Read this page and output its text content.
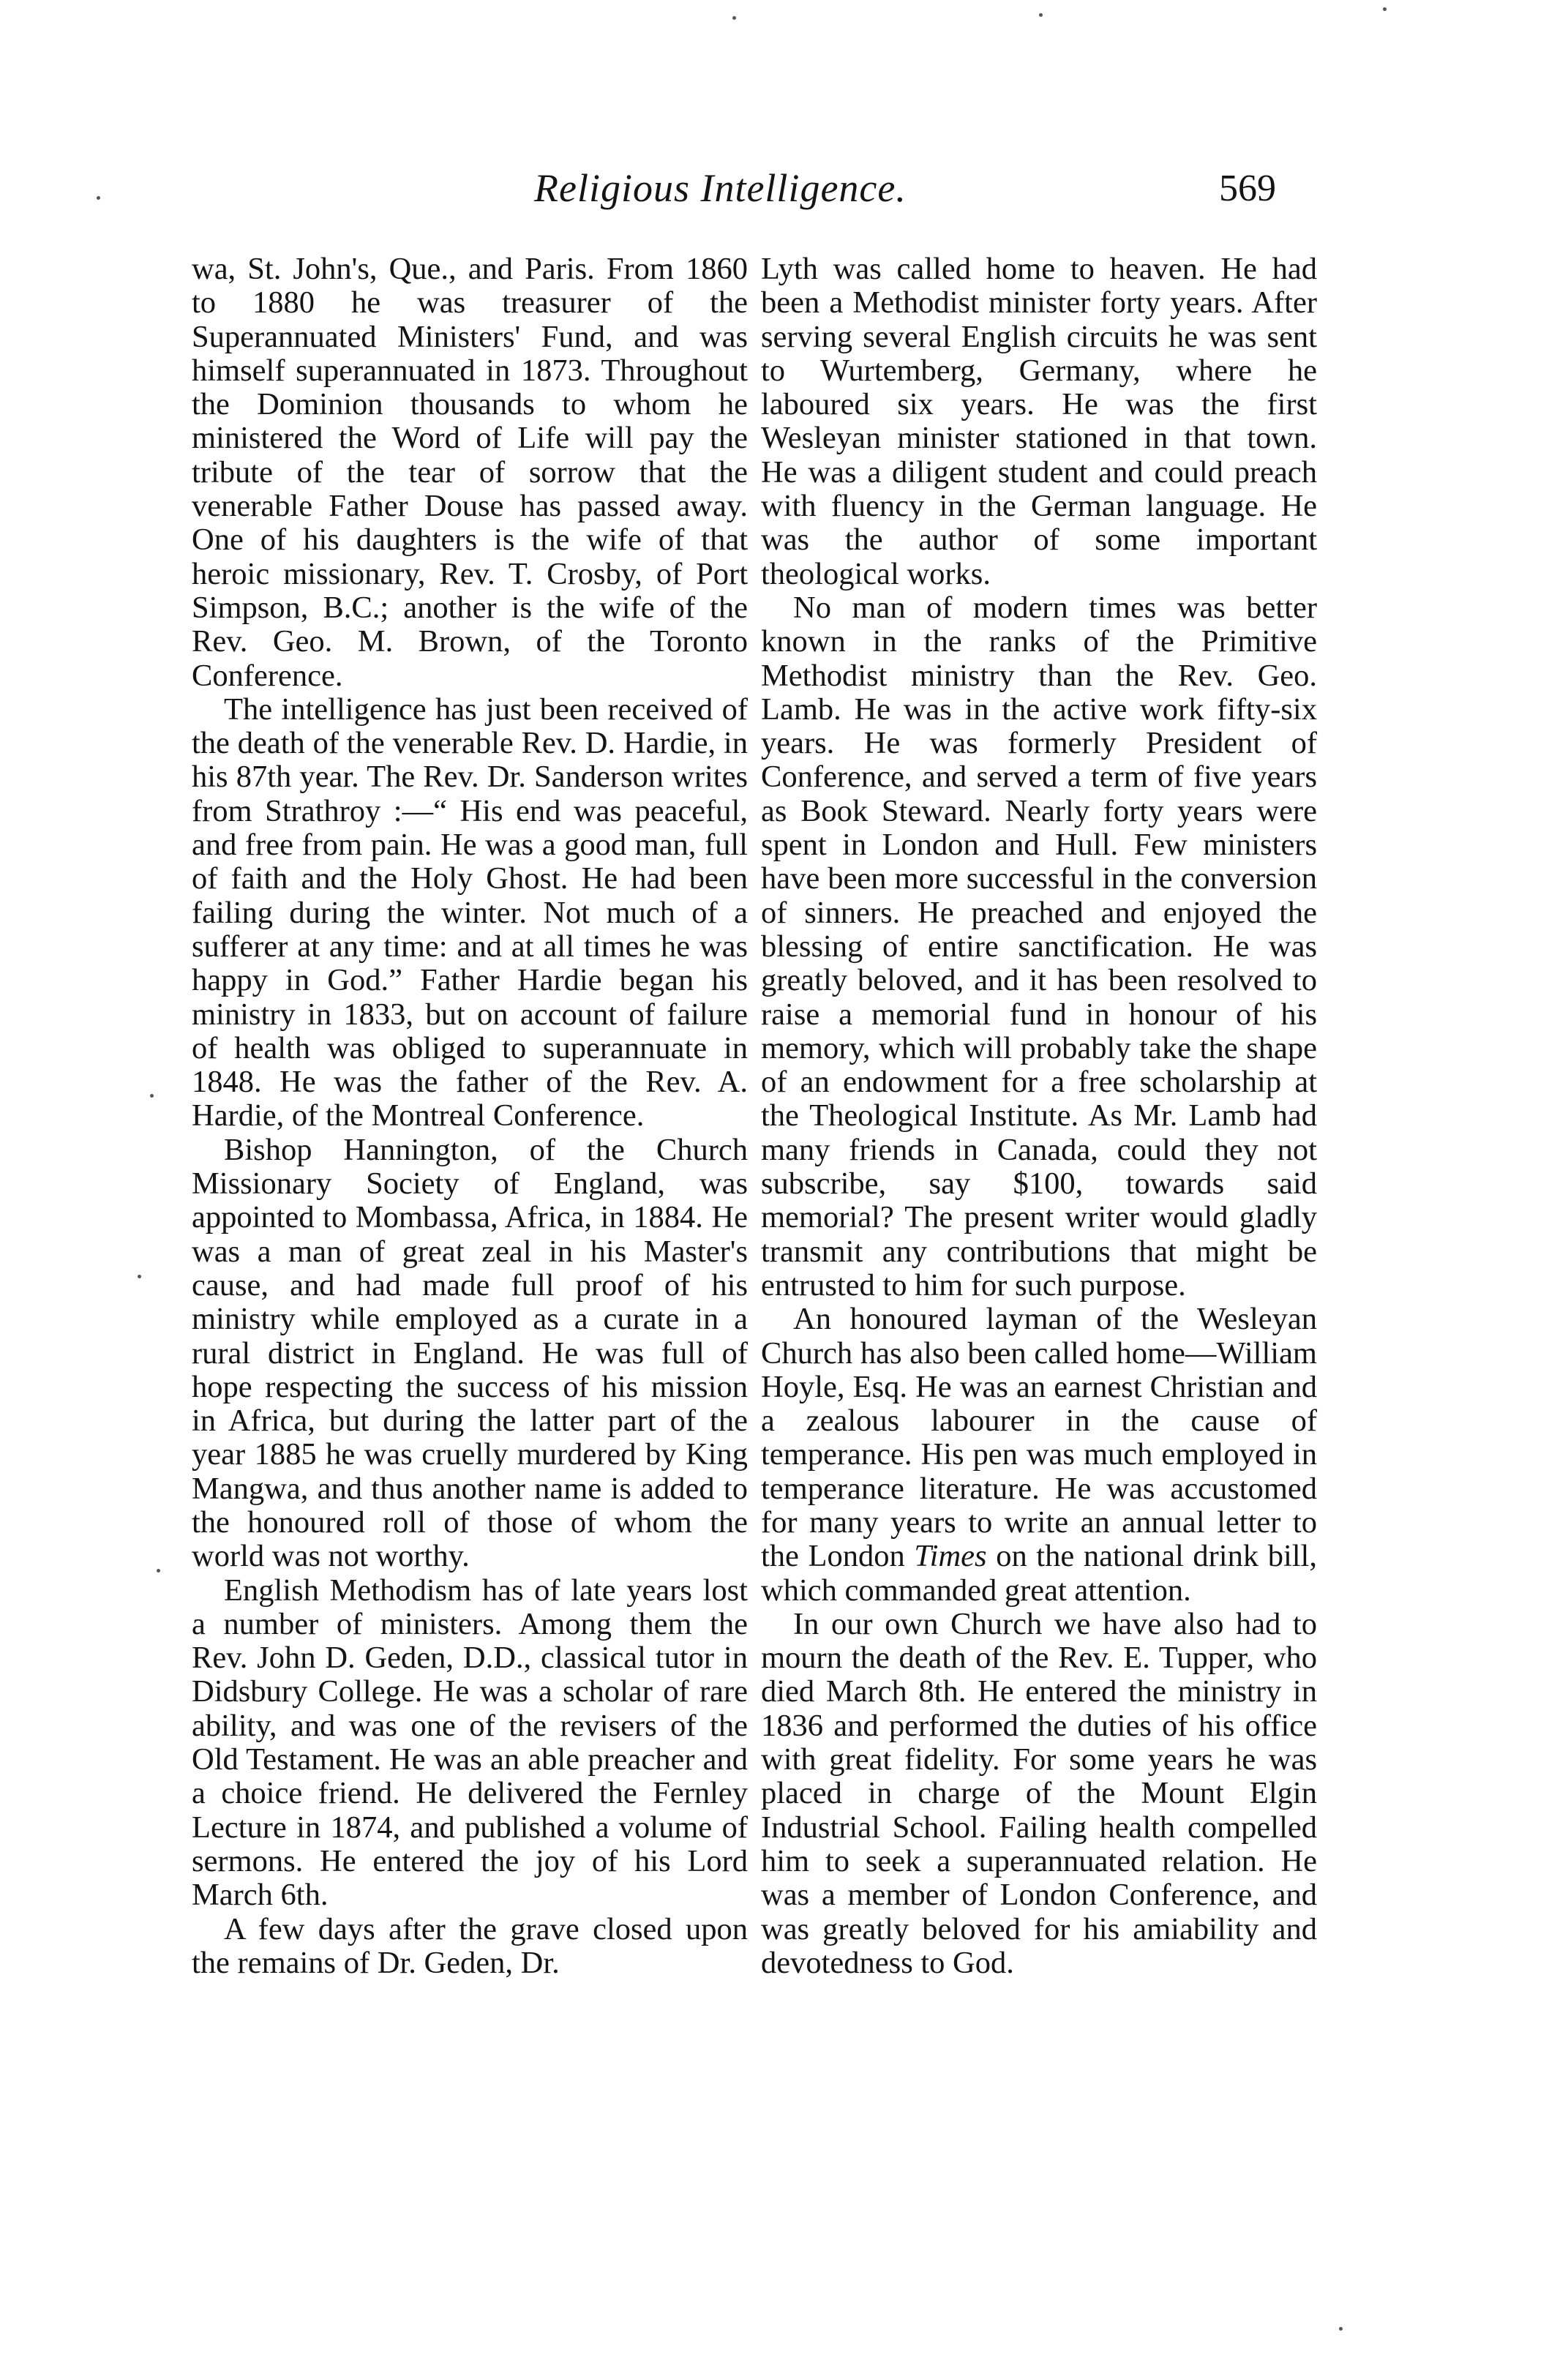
Religious Intelligence.	569

wa, St. John's, Que., and Paris. From 1860 to 1880 he was treasurer of the Superannuated Ministers' Fund, and was himself superannuated in 1873. Throughout the Dominion thousands to whom he ministered the Word of Life will pay the tribute of the tear of sorrow that the venerable Father Douse has passed away. One of his daughters is the wife of that heroic missionary, Rev. T. Crosby, of Port Simpson, B.C.; another is the wife of the Rev. Geo. M. Brown, of the Toronto Conference.

The intelligence has just been received of the death of the venerable Rev. D. Hardie, in his 87th year. The Rev. Dr. Sanderson writes from Strathroy :—“ His end was peaceful, and free from pain. He was a good man, full of faith and the Holy Ghost. He had been failing during the winter. Not much of a sufferer at any time: and at all times he was happy in God.” Father Hardie began his ministry in 1833, but on account of failure of health was obliged to superannuate in 1848. He was the father of the Rev. A. Hardie, of the Montreal Conference.

Bishop Hannington, of the Church Missionary Society of England, was appointed to Mombassa, Africa, in 1884. He was a man of great zeal in his Master's cause, and had made full proof of his ministry while employed as a curate in a rural district in England. He was full of hope respecting the success of his mission in Africa, but during the latter part of the year 1885 he was cruelly murdered by King Mangwa, and thus another name is added to the honoured roll of those of whom the world was not worthy.

English Methodism has of late years lost a number of ministers. Among them the Rev. John D. Geden, D.D., classical tutor in Didsbury College. He was a scholar of rare ability, and was one of the revisers of the Old Testament. He was an able preacher and a choice friend. He delivered the Fernley Lecture in 1874, and published a volume of sermons. He entered the joy of his Lord March 6th.

A few days after the grave closed upon the remains of Dr. Geden, Dr.

Lyth was called home to heaven. He had been a Methodist minister forty years. After serving several English circuits he was sent to Wurtemberg, Germany, where he laboured six years. He was the first Wesleyan minister stationed in that town. He was a diligent student and could preach with fluency in the German language. He was the author of some important theological works.

No man of modern times was better known in the ranks of the Primitive Methodist ministry than the Rev. Geo. Lamb. He was in the active work fifty-six years. He was formerly President of Conference, and served a term of five years as Book Steward. Nearly forty years were spent in London and Hull. Few ministers have been more successful in the conversion of sinners. He preached and enjoyed the blessing of entire sanctification. He was greatly beloved, and it has been resolved to raise a memorial fund in honour of his memory, which will probably take the shape of an endowment for a free scholarship at the Theological Institute. As Mr. Lamb had many friends in Canada, could they not subscribe, say $100, towards said memorial? The present writer would gladly transmit any contributions that might be entrusted to him for such purpose.

An honoured layman of the Wesleyan Church has also been called home—William Hoyle, Esq. He was an earnest Christian and a zealous labourer in the cause of temperance. His pen was much employed in temperance literature. He was accustomed for many years to write an annual letter to the London Times on the national drink bill, which commanded great attention.

In our own Church we have also had to mourn the death of the Rev. E. Tupper, who died March 8th. He entered the ministry in 1836 and performed the duties of his office with great fidelity. For some years he was placed in charge of the Mount Elgin Industrial School. Failing health compelled him to seek a superannuated relation. He was a member of London Conference, and was greatly beloved for his amiability and devotedness to God.
